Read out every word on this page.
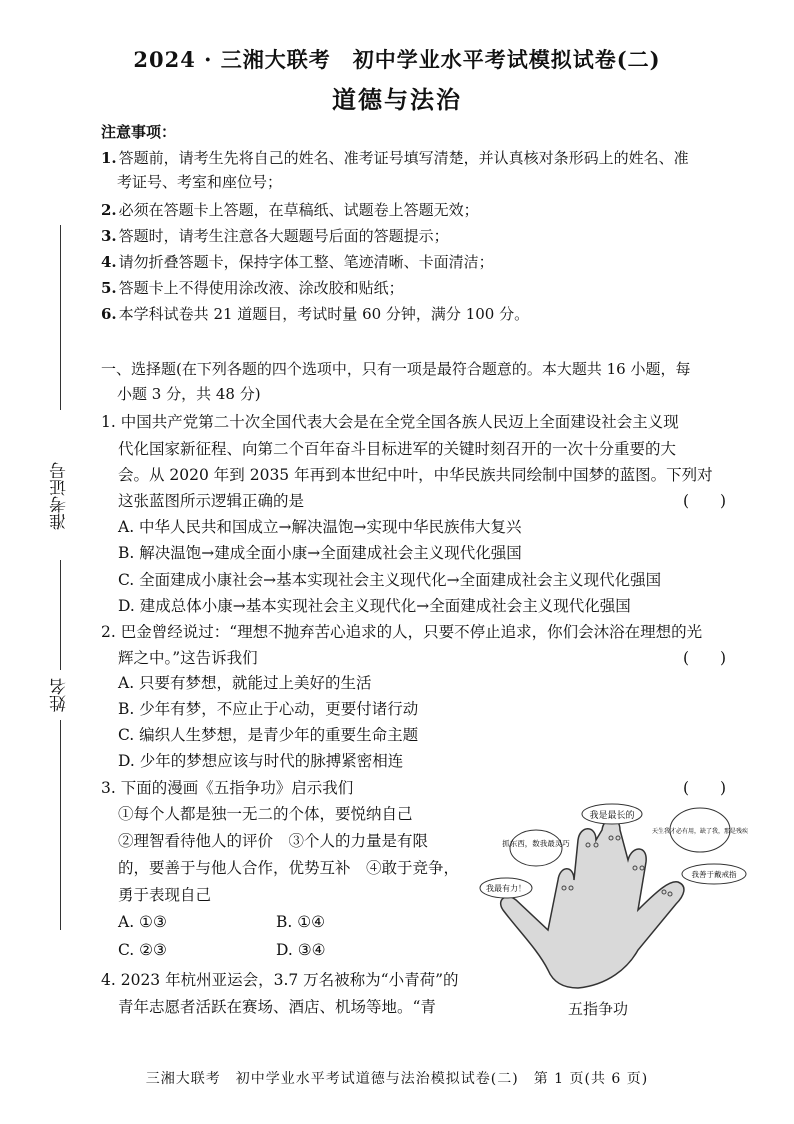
2024 · 三湘大联考　初中学业水平考试模拟试卷(二)
道德与法治
注意事项：
1. 答题前，请考生先将自己的姓名、准考证号填写清楚，并认真核对条形码上的姓名、准
考证号、考室和座位号；
2. 必须在答题卡上答题，在草稿纸、试题卷上答题无效；
3. 答题时，请考生注意各大题题号后面的答题提示；
4. 请勿折叠答题卡，保持字体工整、笔迹清晰、卡面清洁；
5. 答题卡上不得使用涂改液、涂改胶和贴纸；
6. 本学科试卷共 21 道题目，考试时量 60 分钟，满分 100 分。
一、选择题(在下列各题的四个选项中，只有一项是最符合题意的。本大题共 16 小题，每
小题 3 分，共 48 分)
1. 中国共产党第二十次全国代表大会是在全党全国各族人民迈上全面建设社会主义现
代化国家新征程、向第二个百年奋斗目标进军的关键时刻召开的一次十分重要的大
会。从 2020 年到 2035 年再到本世纪中叶，中华民族共同绘制中国梦的蓝图。下列对
这张蓝图所示逻辑正确的是	(　　)
A. 中华人民共和国成立→解决温饱→实现中华民族伟大复兴
B. 解决温饱→建成全面小康→全面建成社会主义现代化强国
C. 全面建成小康社会→基本实现社会主义现代化→全面建成社会主义现代化强国
D. 建成总体小康→基本实现社会主义现代化→全面建成社会主义现代化强国
2. 巴金曾经说过：“理想不抛弃苦心追求的人，只要不停止追求，你们会沐浴在理想的光
辉之中。”这告诉我们	(　　)
A. 只要有梦想，就能过上美好的生活
B. 少年有梦，不应止于心动，更要付诸行动
C. 编织人生梦想，是青少年的重要生命主题
D. 少年的梦想应该与时代的脉搏紧密相连
3. 下面的漫画《五指争功》启示我们	(　　)
①每个人都是独一无二的个体，要悦纳自己
②理智看待他人的评价　③个人的力量是有限
的，要善于与他人合作，优势互补　④敢于竞争，
勇于表现自己
A. ①③	B. ①④
C. ②③	D. ③④
我是最长的
抓东西，数我最灵巧
天生我才必有用，缺了我，那是残疾
我最有力！
我善于戴戒指
五指争功
4. 2023 年杭州亚运会，3.7 万名被称为“小青荷”的
青年志愿者活跃在赛场、酒店、机场等地。“青
准考证号
姓名
三湘大联考　初中学业水平考试道德与法治模拟试卷(二)　第 1 页(共 6 页)
